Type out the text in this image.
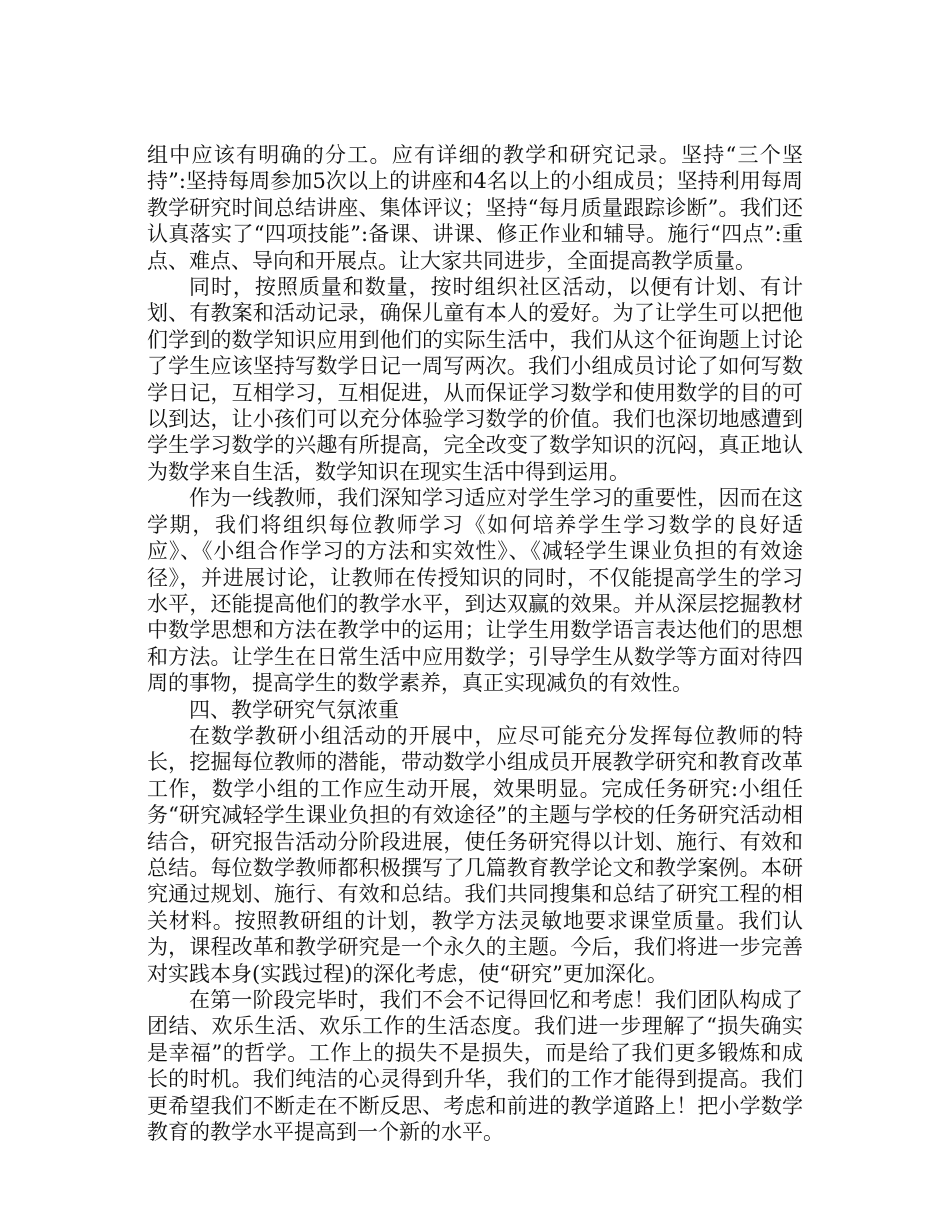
组中应该有明确的分工。应有详细的教学和研究记录。坚持“三个坚持”:坚持每周参加5次以上的讲座和4名以上的小组成员；坚持利用每周教学研究时间总结讲座、集体评议；坚持“每月质量跟踪诊断”。我们还认真落实了“四项技能”:备课、讲课、修正作业和辅导。施行“四点”:重点、难点、导向和开展点。让大家共同进步，全面提高教学质量。

同时，按照质量和数量，按时组织社区活动，以便有计划、有计划、有教案和活动记录，确保儿童有本人的爱好。为了让学生可以把他们学到的数学知识应用到他们的实际生活中，我们从这个征询题上讨论了学生应该坚持写数学日记一周写两次。我们小组成员讨论了如何写数学日记，互相学习，互相促进，从而保证学习数学和使用数学的目的可以到达，让小孩们可以充分体验学习数学的价值。我们也深切地感遭到学生学习数学的兴趣有所提高，完全改变了数学知识的沉闷，真正地认为数学来自生活，数学知识在现实生活中得到运用。

作为一线教师，我们深知学习适应对学生学习的重要性，因而在这学期，我们将组织每位教师学习《如何培养学生学习数学的良好适应》、《小组合作学习的方法和实效性》、《减轻学生课业负担的有效途径》，并进展讨论，让教师在传授知识的同时，不仅能提高学生的学习水平，还能提高他们的教学水平，到达双赢的效果。并从深层挖掘教材中数学思想和方法在教学中的运用；让学生用数学语言表达他们的思想和方法。让学生在日常生活中应用数学；引导学生从数学等方面对待四周的事物，提高学生的数学素养，真正实现减负的有效性。

四、教学研究气氛浓重

在数学教研小组活动的开展中，应尽可能充分发挥每位教师的特长，挖掘每位教师的潜能，带动数学小组成员开展教学研究和教育改革工作，数学小组的工作应生动开展，效果明显。完成任务研究:小组任务“研究减轻学生课业负担的有效途径”的主题与学校的任务研究活动相结合，研究报告活动分阶段进展，使任务研究得以计划、施行、有效和总结。每位数学教师都积极撰写了几篇教育教学论文和教学案例。本研究通过规划、施行、有效和总结。我们共同搜集和总结了研究工程的相关材料。按照教研组的计划，教学方法灵敏地要求课堂质量。我们认为，课程改革和教学研究是一个永久的主题。今后，我们将进一步完善对实践本身(实践过程)的深化考虑，使“研究”更加深化。

在第一阶段完毕时，我们不会不记得回忆和考虑！我们团队构成了团结、欢乐生活、欢乐工作的生活态度。我们进一步理解了“损失确实是幸福”的哲学。工作上的损失不是损失，而是给了我们更多锻炼和成长的时机。我们纯洁的心灵得到升华，我们的工作才能得到提高。我们更希望我们不断走在不断反思、考虑和前进的教学道路上！把小学数学教育的教学水平提高到一个新的水平。
